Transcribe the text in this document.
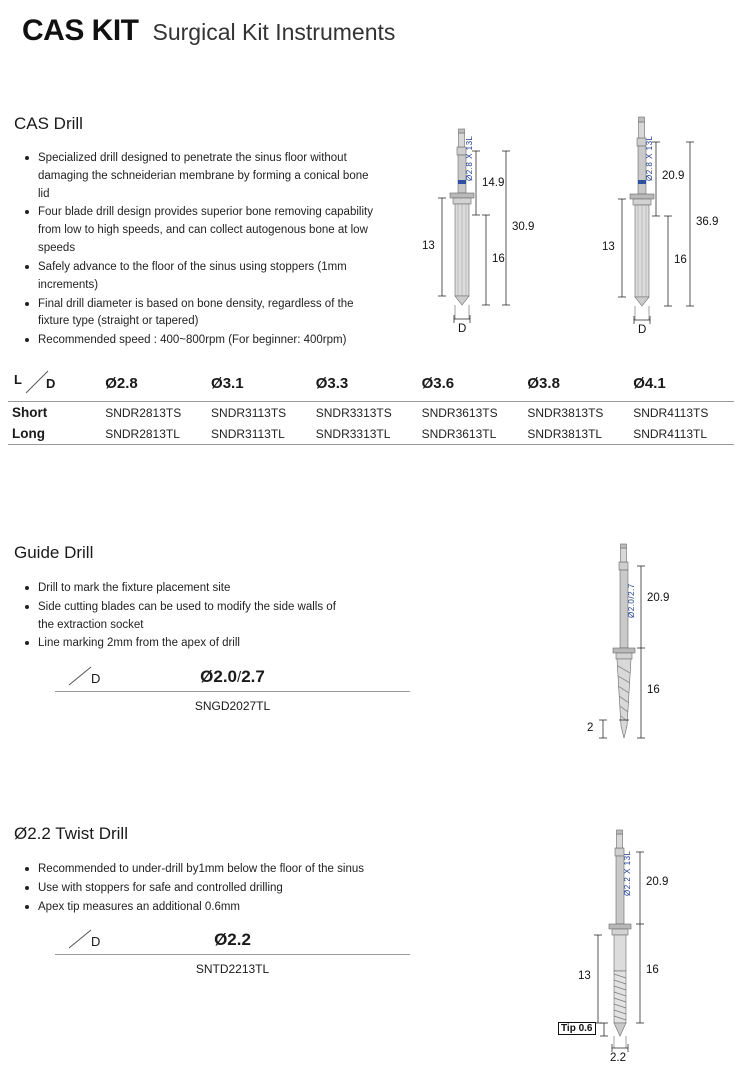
CAS KIT Surgical Kit Instruments
CAS Drill
Specialized drill designed to penetrate the sinus floor without damaging the schneiderian membrane by forming a conical bone lid
Four blade drill design provides superior bone removing capability from low to high speeds, and can collect autogenous bone at low speeds
Safely advance to the floor of the sinus using stoppers (1mm increments)
Final drill diameter is based on bone density, regardless of the fixture type (straight or tapered)
Recommended speed : 400~800rpm (For beginner: 400rpm)
Ø2.8 X 13L
14.9
30.9
16
13
D
Ø2.8 X 13L 20.9
36.9
16
13
D
L D	Ø2.8	Ø3.1	Ø3.3	Ø3.6	Ø3.8	Ø4.1
Short	SNDR2813TS	SNDR3113TS	SNDR3313TS	SNDR3613TS	SNDR3813TS	SNDR4113TS
Long	SNDR2813TL	SNDR3113TL	SNDR3313TL	SNDR3613TL	SNDR3813TL	SNDR4113TL
Guide Drill
Drill to mark the fixture placement site
Side cutting blades can be used to modify the side walls of the extraction socket
Line marking 2mm from the apex of drill
D	Ø2.0/2.7
SNGD2027TL
Ø2.0/2.7 20.9
16
2
Ø2.2 Twist Drill
Recommended to under-drill by1mm below the floor of the sinus
Use with stoppers for safe and controlled drilling
Apex tip measures an additional 0.6mm
D	Ø2.2
SNTD2213TL
Ø2.2 X 13L 20.9
16
13
Tip 0.6
2.2
